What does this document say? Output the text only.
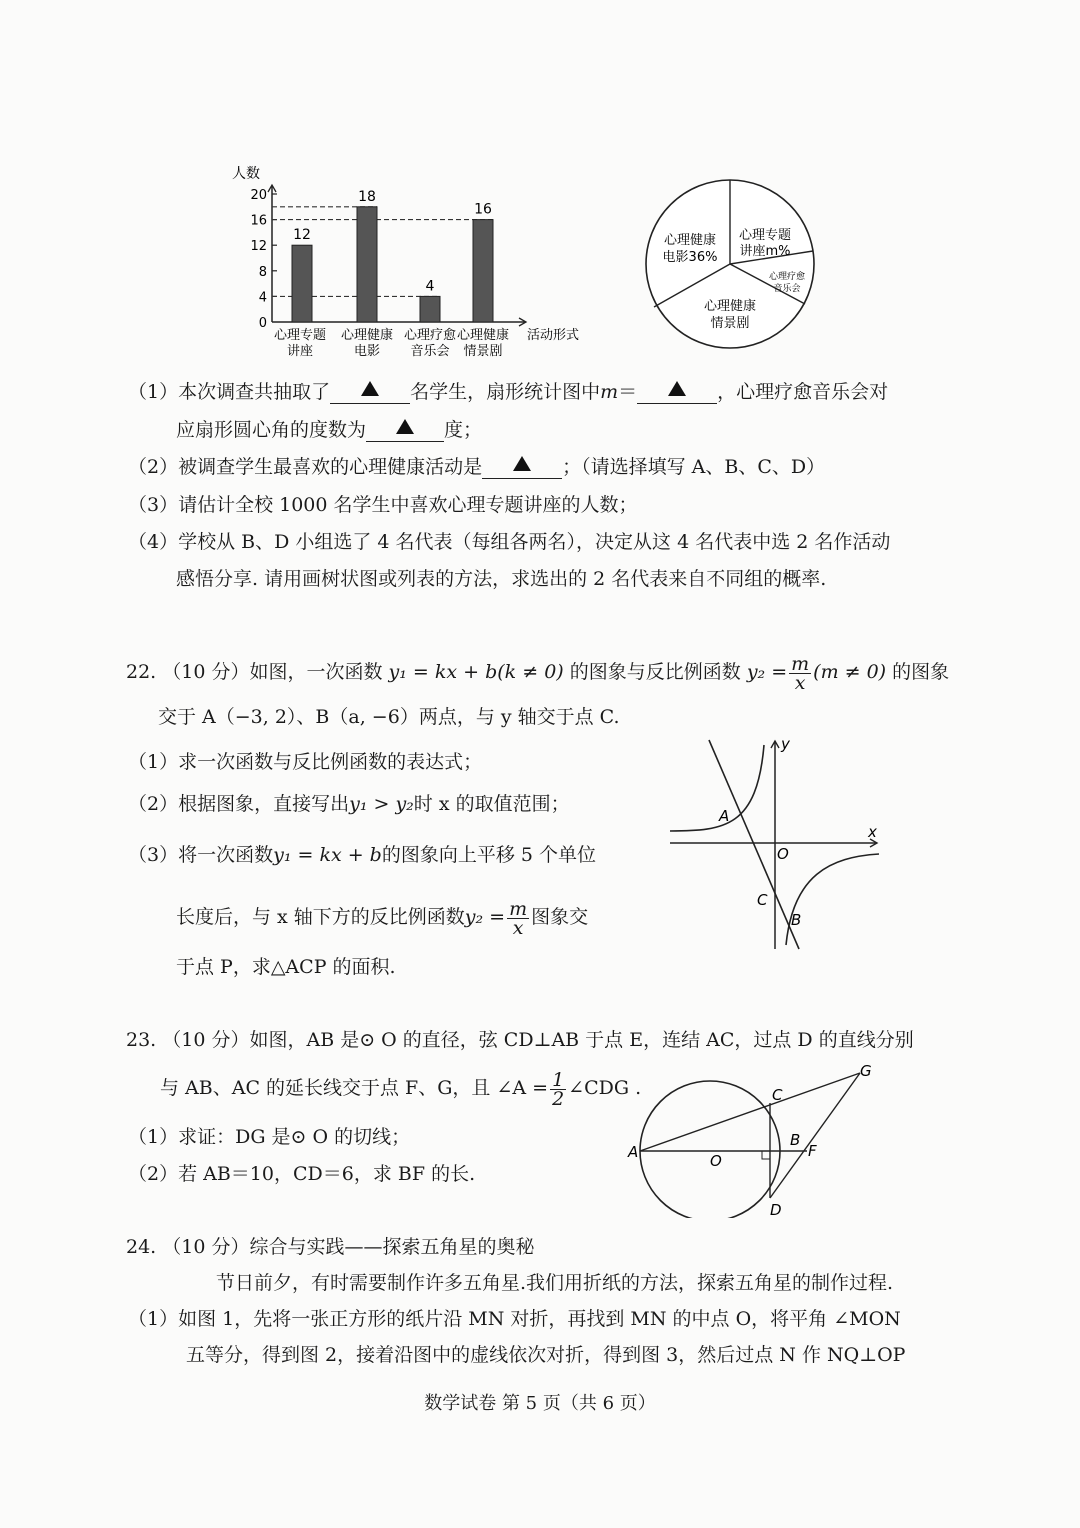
人数
0
4
8
12
16
20
12
心理专题
讲座
18
心理健康
电影
4
心理疗愈
音乐会
16
心理健康
情景剧
活动形式
心理健康
电影36%
心理专题
讲座m%
心理疗愈
音乐会
心理健康
情景剧
（1）本次调查共抽取了	名学生，扇形统计图中m＝	，心理疗愈音乐会对
应扇形圆心角的度数为	度；
（2）被调查学生最喜欢的心理健康活动是	；（请选择填写 A、B、C、D）
（3）请估计全校 1000 名学生中喜欢心理专题讲座的人数；
（4）学校从 B、D 小组选了 4 名代表（每组各两名），决定从这 4 名代表中选 2 名作活动
感悟分享. 请用画树状图或列表的方法，求选出的 2 名代表来自不同组的概率.
22. （10 分）如图，一次函数 y₁ = kx + b(k ≠ 0) 的图象与反比例函数 $y_2 = \frac{m}{x} (m \ne 0)$ 的图象
交于 A（−3, 2）、B（a, −6）两点，与 y 轴交于点 C.
（1）求一次函数与反比例函数的表达式；
（2）根据图象，直接写出y₁ > y₂时 x 的取值范围；
（3）将一次函数y₁ = kx + b的图象向上平移 5 个单位
长度后，与 x 轴下方的反比例函数$y_2 = \frac{m}{x}$ 图象交
于点 P，求△ACP 的面积.
y
x
O
A
C
B
23. （10 分）如图，AB 是⊙ O 的直径，弦 CD⊥AB 于点 E，连结 AC，过点 D 的直线分别
与 AB、AC 的延长线交于点 F、G，且 ∠A = $\frac{1}{2}$ ∠CDG .
（1）求证：DG 是⊙ O 的切线；
（2）若 AB＝10，CD＝6，求 BF 的长.
A	O
C
B
F
G
D
24. （10 分）综合与实践——探索五角星的奥秘
节日前夕，有时需要制作许多五角星.我们用折纸的方法，探索五角星的制作过程.
（1）如图 1，先将一张正方形的纸片沿 MN 对折，再找到 MN 的中点 O，将平角 ∠MON
五等分，得到图 2，接着沿图中的虚线依次对折，得到图 3，然后过点 N 作 NQ⊥OP
数学试卷 第 5 页（共 6 页）
